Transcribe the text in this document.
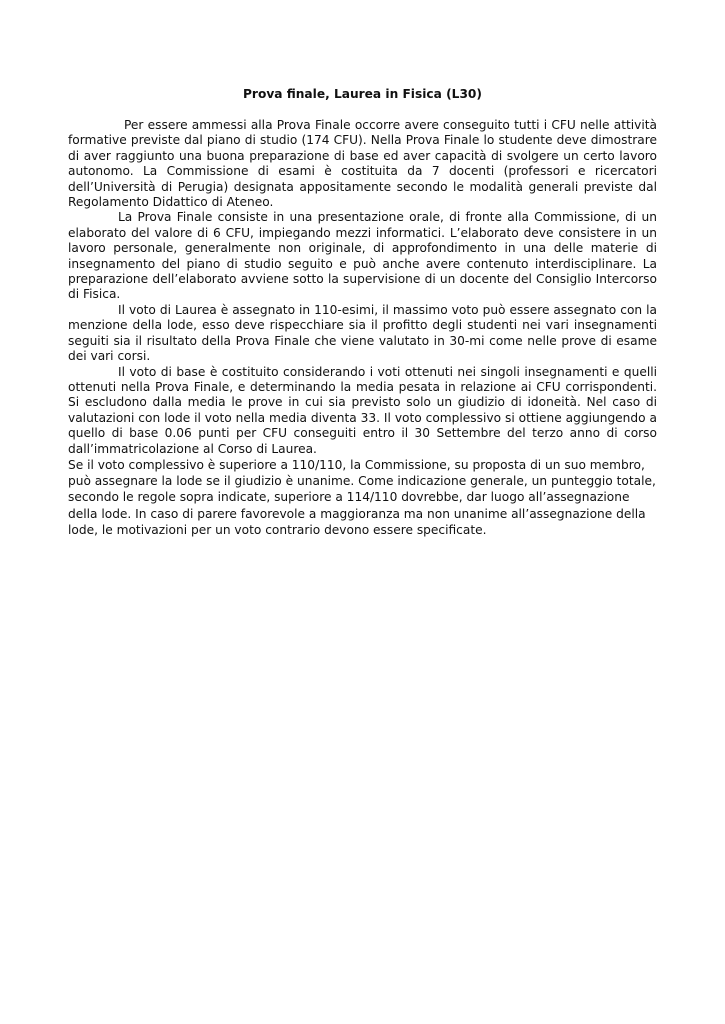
Prova finale, Laurea in Fisica (L30)

Per essere ammessi alla Prova Finale occorre avere conseguito tutti i CFU nelle attività formative previste dal piano di studio (174 CFU). Nella Prova Finale lo studente deve dimostrare di aver raggiunto una buona preparazione di base ed aver capacità di svolgere un certo lavoro autonomo. La Commissione di esami è costituita da 7 docenti (professori e ricercatori dell’Università di Perugia) designata appositamente secondo le modalità generali previste dal Regolamento Didattico di Ateneo.

La Prova Finale consiste in una presentazione orale, di fronte alla Commissione, di un elaborato del valore di 6 CFU, impiegando mezzi informatici. L’elaborato deve consistere in un lavoro personale, generalmente non originale, di approfondimento in una delle materie di insegnamento del piano di studio seguito e può anche avere contenuto interdisciplinare. La preparazione dell’elaborato avviene sotto la supervisione di un docente del Consiglio Intercorso di Fisica.

Il voto di Laurea è assegnato in 110-esimi, il massimo voto può essere assegnato con la menzione della lode, esso deve rispecchiare sia il profitto degli studenti nei vari insegnamenti seguiti sia il risultato della Prova Finale che viene valutato in 30-mi come nelle prove di esame dei vari corsi.

Il voto di base è costituito considerando i voti ottenuti nei singoli insegnamenti e quelli ottenuti nella Prova Finale, e determinando la media pesata in relazione ai CFU corrispondenti. Si escludono dalla media le prove in cui sia previsto solo un giudizio di idoneità. Nel caso di valutazioni con lode il voto nella media diventa 33. Il voto complessivo si ottiene aggiungendo a quello di base 0.06 punti per CFU conseguiti entro il 30 Settembre del terzo anno di corso dall’immatricolazione al Corso di Laurea.

Se il voto complessivo è superiore a 110/110, la Commissione, su proposta di un suo membro, può assegnare la lode se il giudizio è unanime. Come indicazione generale, un punteggio totale, secondo le regole sopra indicate, superiore a 114/110 dovrebbe, dar luogo all’assegnazione della lode. In caso di parere favorevole a maggioranza ma non unanime all’assegnazione della lode, le motivazioni per un voto contrario devono essere specificate.
